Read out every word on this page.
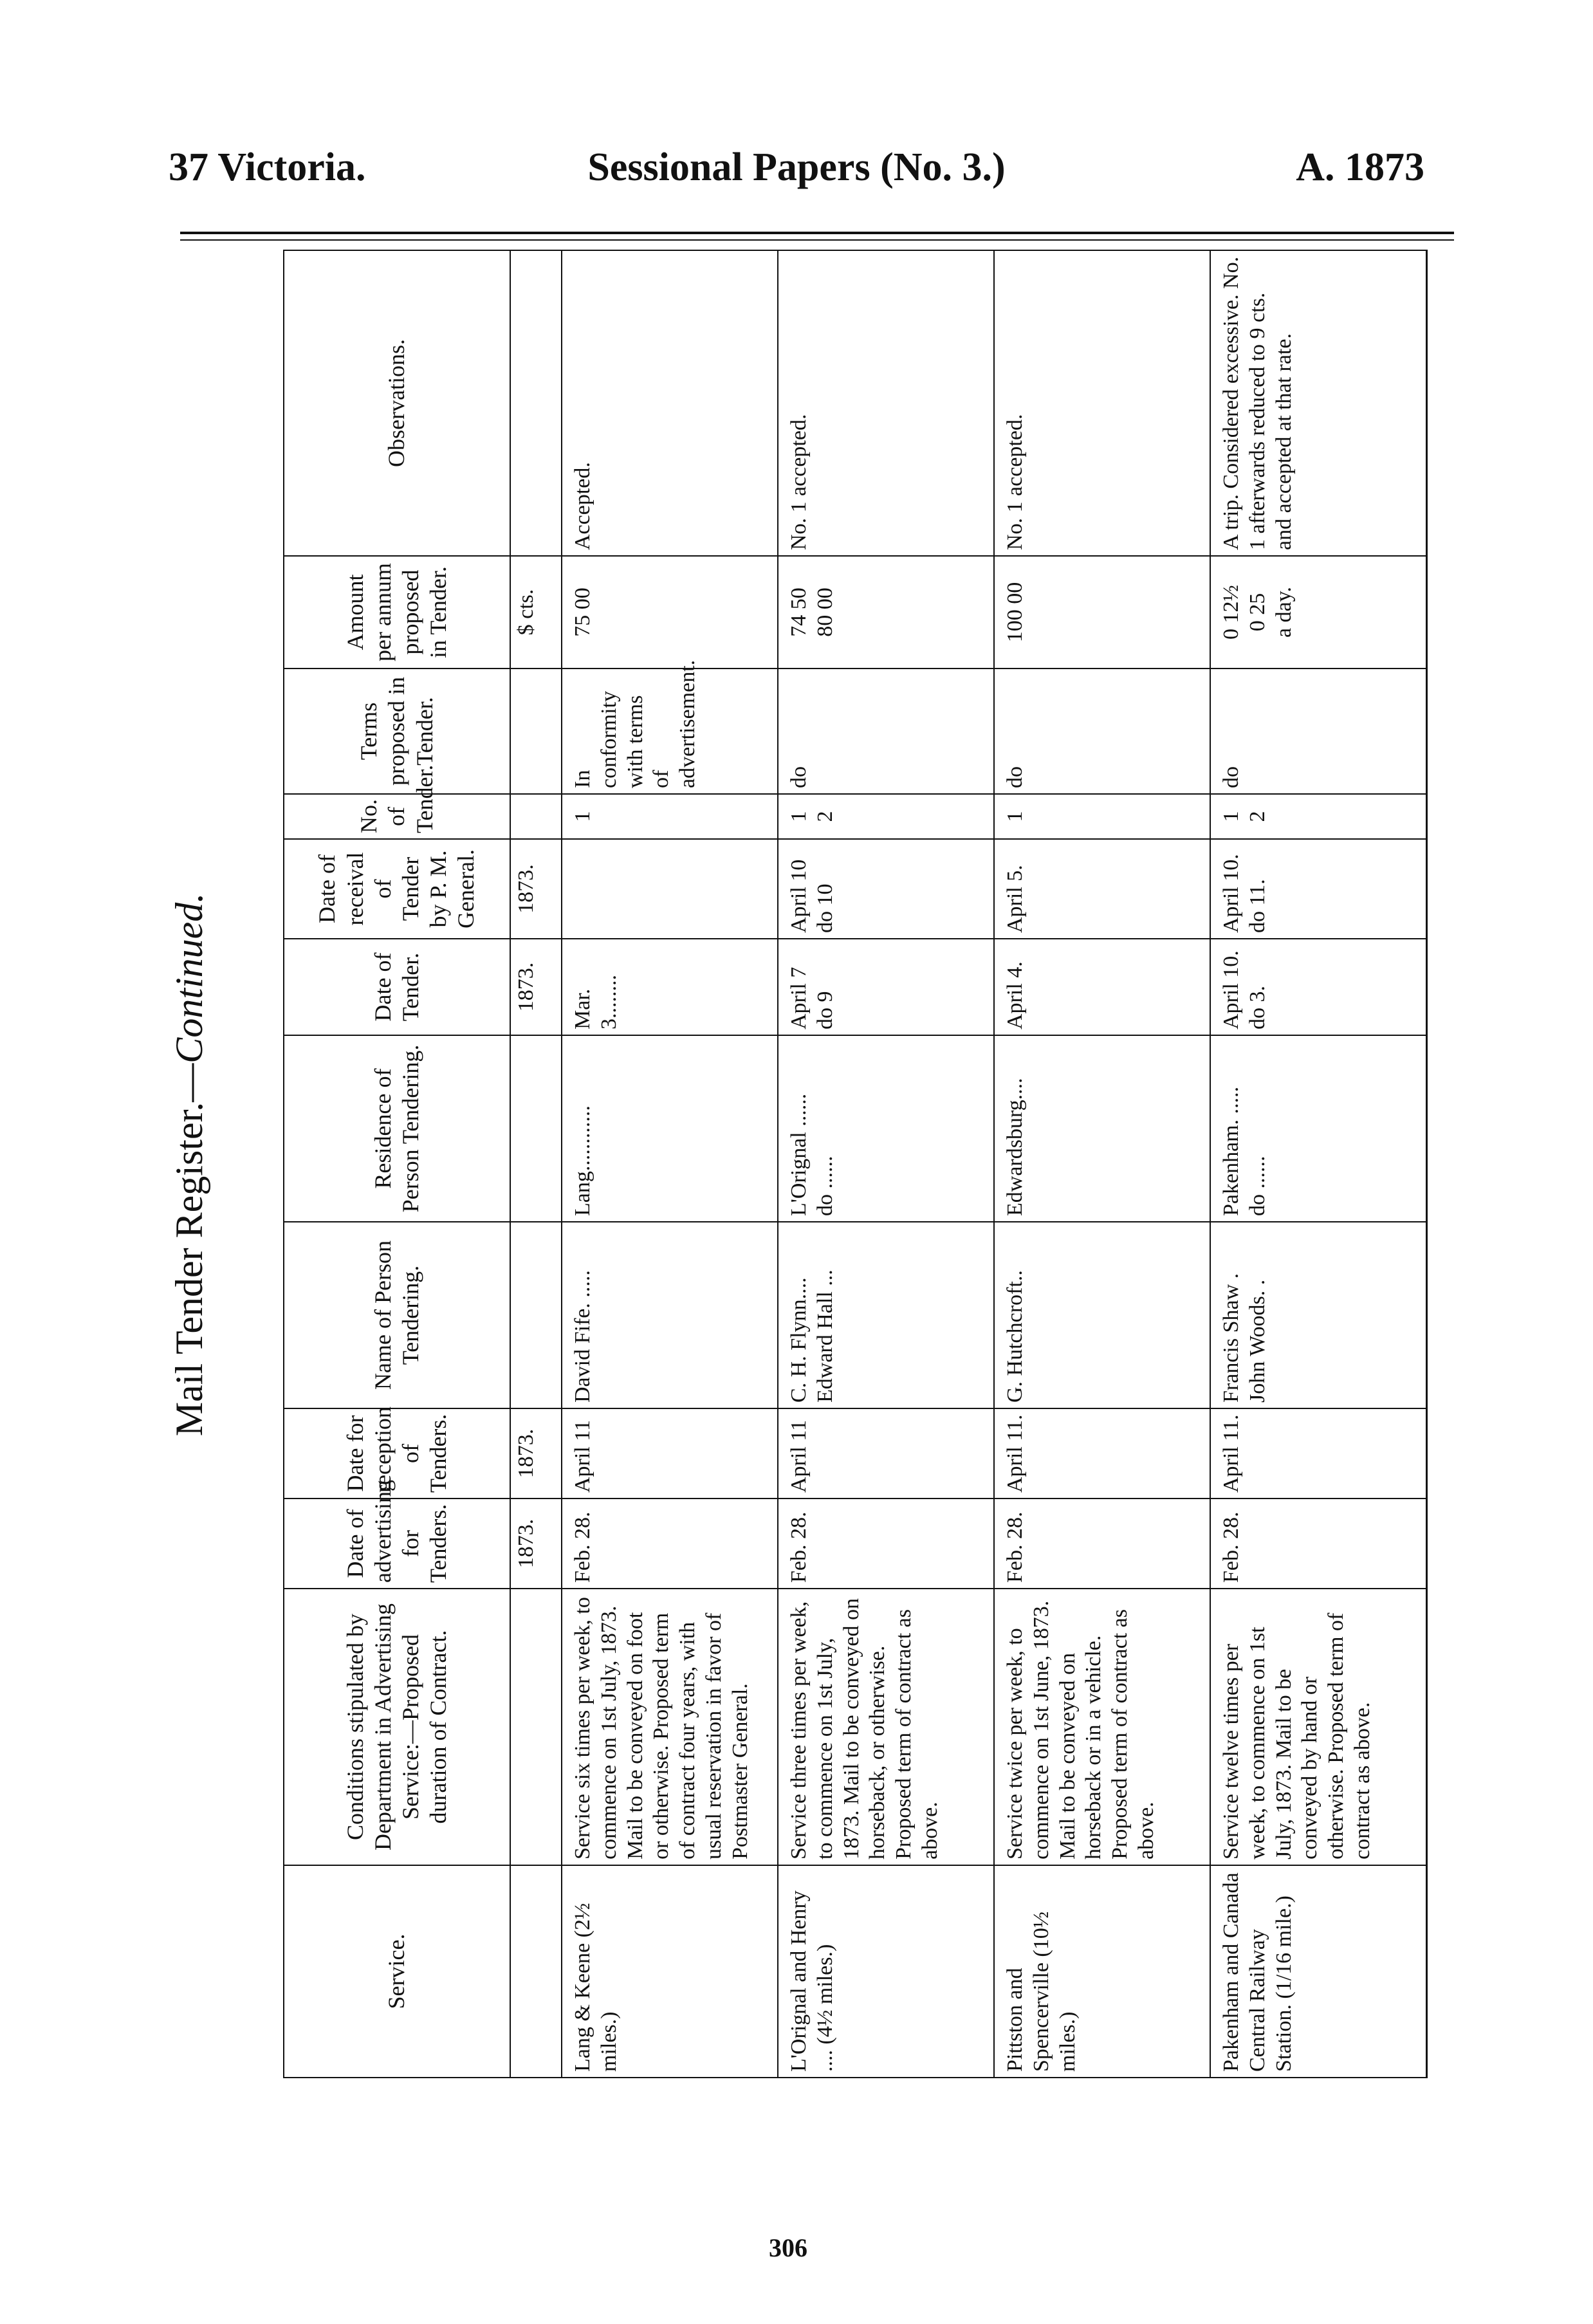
37 Victoria.	Sessional Papers (No. 3.)	A. 1873
Mail Tender Register.—Continued.
Service.	Conditions stipulated by Department in Advertising Service:—Proposed duration of Contract.	Date of advertising for Tenders.	Date for reception of Tenders.	Name of Person Tendering.	Residence of Person Tendering.	Date of Tender.	Date of receival of Tender by P. M. General.	No. of Tender.	Terms proposed in Tender.	Amount per annum proposed in Tender.	Observations.
		1873.	1873.			1873.	1873.			$ cts.	
Lang & Keene (2½ miles.)	Service six times per week, to commence on 1st July, 1873. Mail to be conveyed on foot or otherwise. Proposed term of contract four years, with usual reservation in favor of Postmaster General.	Feb. 28.	April 11	David Fife. .....	Lang............	Mar. 3........		1	In conformity with terms of advertisement.	75 00	Accepted.
L'Orignal and Henry .... (4½ miles.)	Service three times per week, to commence on 1st July, 1873. Mail to be conveyed on horseback, or otherwise. Proposed term of contract as above.	Feb. 28.	April 11	C. H. Flynn.... Edward Hall ...	L'Orignal ...... do ......	April 7 do 9	April 10 do 10	1 2	do	74 50 80 00	No. 1 accepted.
Pittston and Spencerville (10½ miles.)	Service twice per week, to commence on 1st June, 1873. Mail to be conveyed on horseback or in a vehicle. Proposed term of contract as above.	Feb. 28.	April 11.	G. Hutchcroft..	Edwardsburg....	April 4.	April 5.	1	do	100 00	No. 1 accepted.
Pakenham and Canada Central Railway Station. (1/16 mile.)	Service twelve times per week, to commence on 1st July, 1873. Mail to be conveyed by hand or otherwise. Proposed term of contract as above.	Feb. 28.	April 11.	Francis Shaw . John Woods. .	Pakenham. ..... do ......	April 10. do 3.	April 10. do 11.	1 2	do	0 12½ 0 25 a day.	A trip. Considered excessive. No. 1 afterwards reduced to 9 cts. and accepted at that rate.
306
